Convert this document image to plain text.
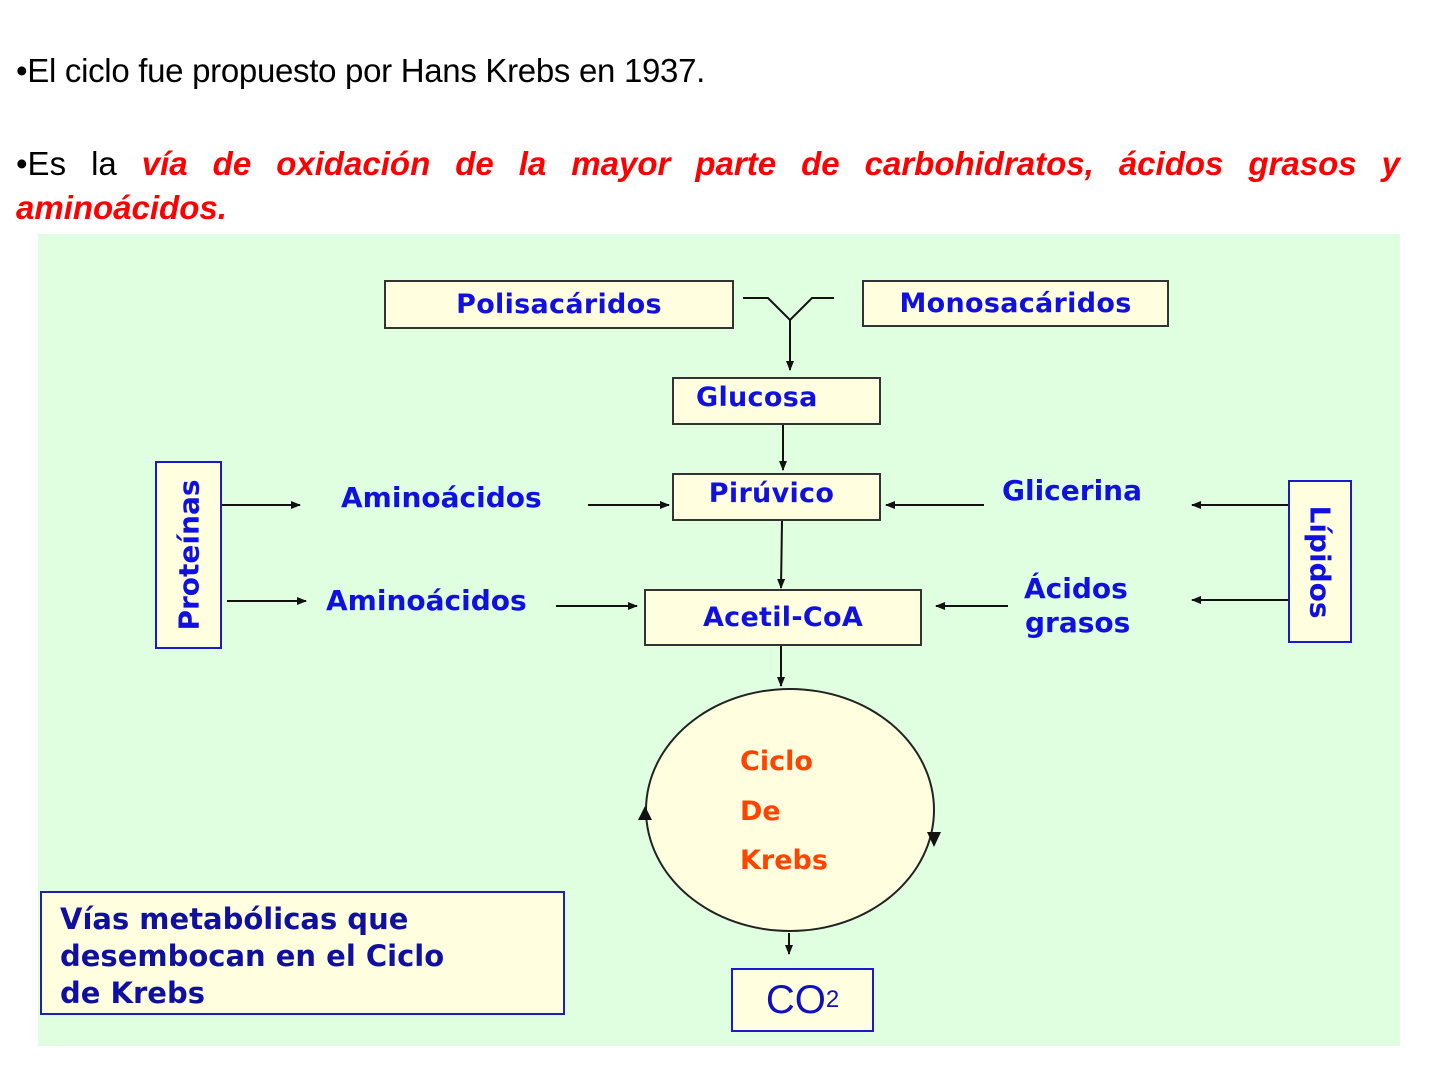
•El ciclo fue propuesto por Hans Krebs en 1937.
•Es la vía de oxidación de la mayor parte de carbohidratos, ácidos grasos y aminoácidos.
Polisacáridos	Monosacáridos
Glucosa
Pirúvico
Acetil-CoA
Aminoácidos
Aminoácidos
Glicerina
Ácidos
grasos
Proteínas	Lípidos
Ciclo
De
Krebs
CO 2
Vías metabólicas que
desembocan en el Ciclo
de Krebs
